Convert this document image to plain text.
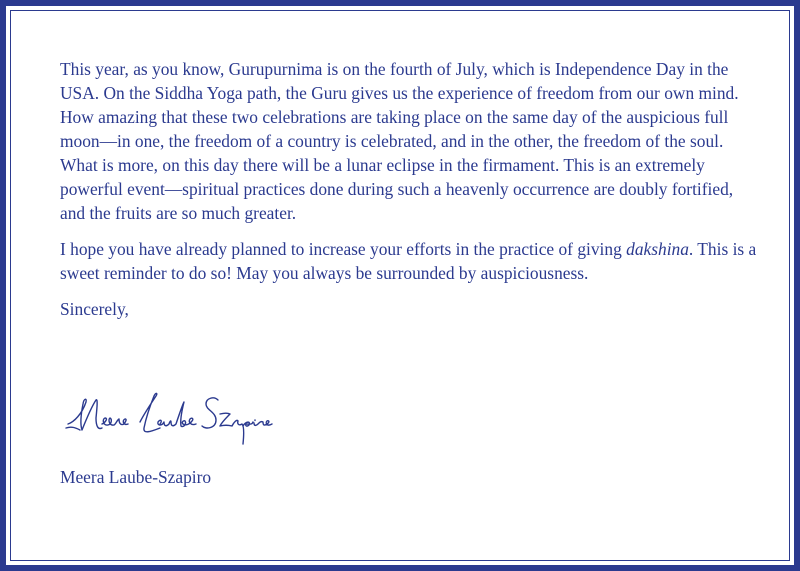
This year, as you know, Gurupurnima is on the fourth of July, which is Independence Day in the USA. On the Siddha Yoga path, the Guru gives us the experience of freedom from our own mind. How amazing that these two celebrations are taking place on the same day of the auspicious full moon—in one, the freedom of a country is celebrated, and in the other, the freedom of the soul. What is more, on this day there will be a lunar eclipse in the firmament. This is an extremely powerful event—spiritual practices done during such a heavenly occurrence are doubly fortified, and the fruits are so much greater.

I hope you have already planned to increase your efforts in the practice of giving dakshina. This is a sweet reminder to do so! May you always be surrounded by auspiciousness.

Sincerely,

Meera Laube-Szapiro
